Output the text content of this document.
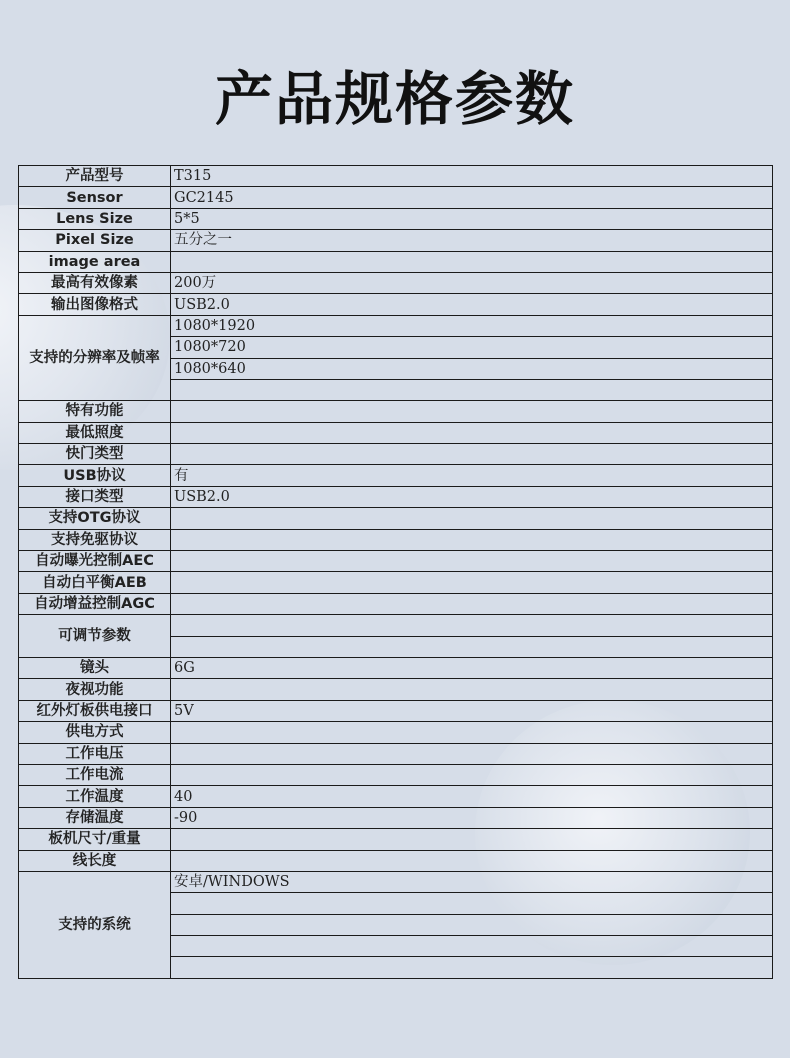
产品规格参数
产品型号	T315
Sensor	GC2145
Lens Size	5*5
Pixel Size	五分之一
image area	
最高有效像素	200万
输出图像格式	USB2.0
支持的分辨率及帧率	1080*1920
	1080*720
	1080*640

特有功能	
最低照度	
快门类型	
USB协议	有
接口类型	USB2.0
支持OTG协议	
支持免驱协议	
自动曝光控制AEC	
自动白平衡AEB	
自动增益控制AGC	
可调节参数	

镜头	6G
夜视功能	
红外灯板供电接口	5V
供电方式	
工作电压	
工作电流	
工作温度	40
存储温度	-90
板机尺寸/重量	
线长度	
支持的系统	安卓/WINDOWS
